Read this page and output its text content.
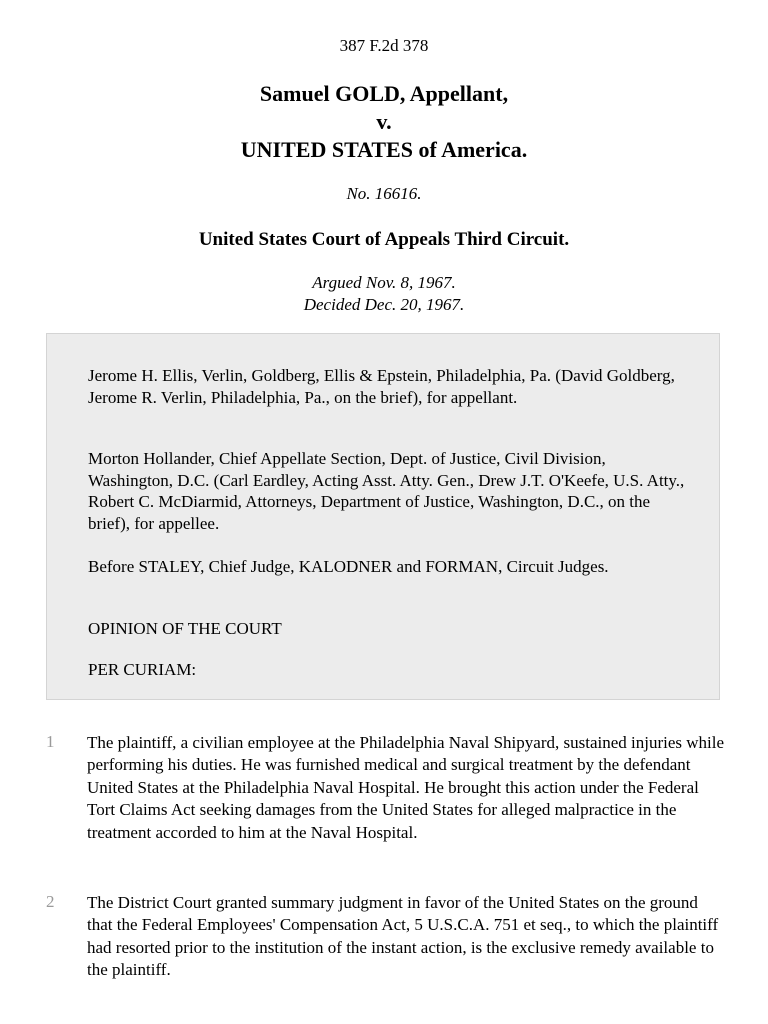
387 F.2d 378
Samuel GOLD, Appellant,
v.
UNITED STATES of America.
No. 16616.
United States Court of Appeals Third Circuit.
Argued Nov. 8, 1967.
Decided Dec. 20, 1967.

Jerome H. Ellis, Verlin, Goldberg, Ellis & Epstein, Philadelphia, Pa. (David Goldberg, Jerome R. Verlin, Philadelphia, Pa., on the brief), for appellant.

Morton Hollander, Chief Appellate Section, Dept. of Justice, Civil Division, Washington, D.C. (Carl Eardley, Acting Asst. Atty. Gen., Drew J.T. O'Keefe, U.S. Atty., Robert C. McDiarmid, Attorneys, Department of Justice, Washington, D.C., on the brief), for appellee.

Before STALEY, Chief Judge, KALODNER and FORMAN, Circuit Judges.

OPINION OF THE COURT

PER CURIAM:

1 The plaintiff, a civilian employee at the Philadelphia Naval Shipyard, sustained injuries while performing his duties. He was furnished medical and surgical treatment by the defendant United States at the Philadelphia Naval Hospital. He brought this action under the Federal Tort Claims Act seeking damages from the United States for alleged malpractice in the treatment accorded to him at the Naval Hospital.

2 The District Court granted summary judgment in favor of the United States on the ground that the Federal Employees' Compensation Act, 5 U.S.C.A. 751 et seq., to which the plaintiff had resorted prior to the institution of the instant action, is the exclusive remedy available to the plaintiff.
